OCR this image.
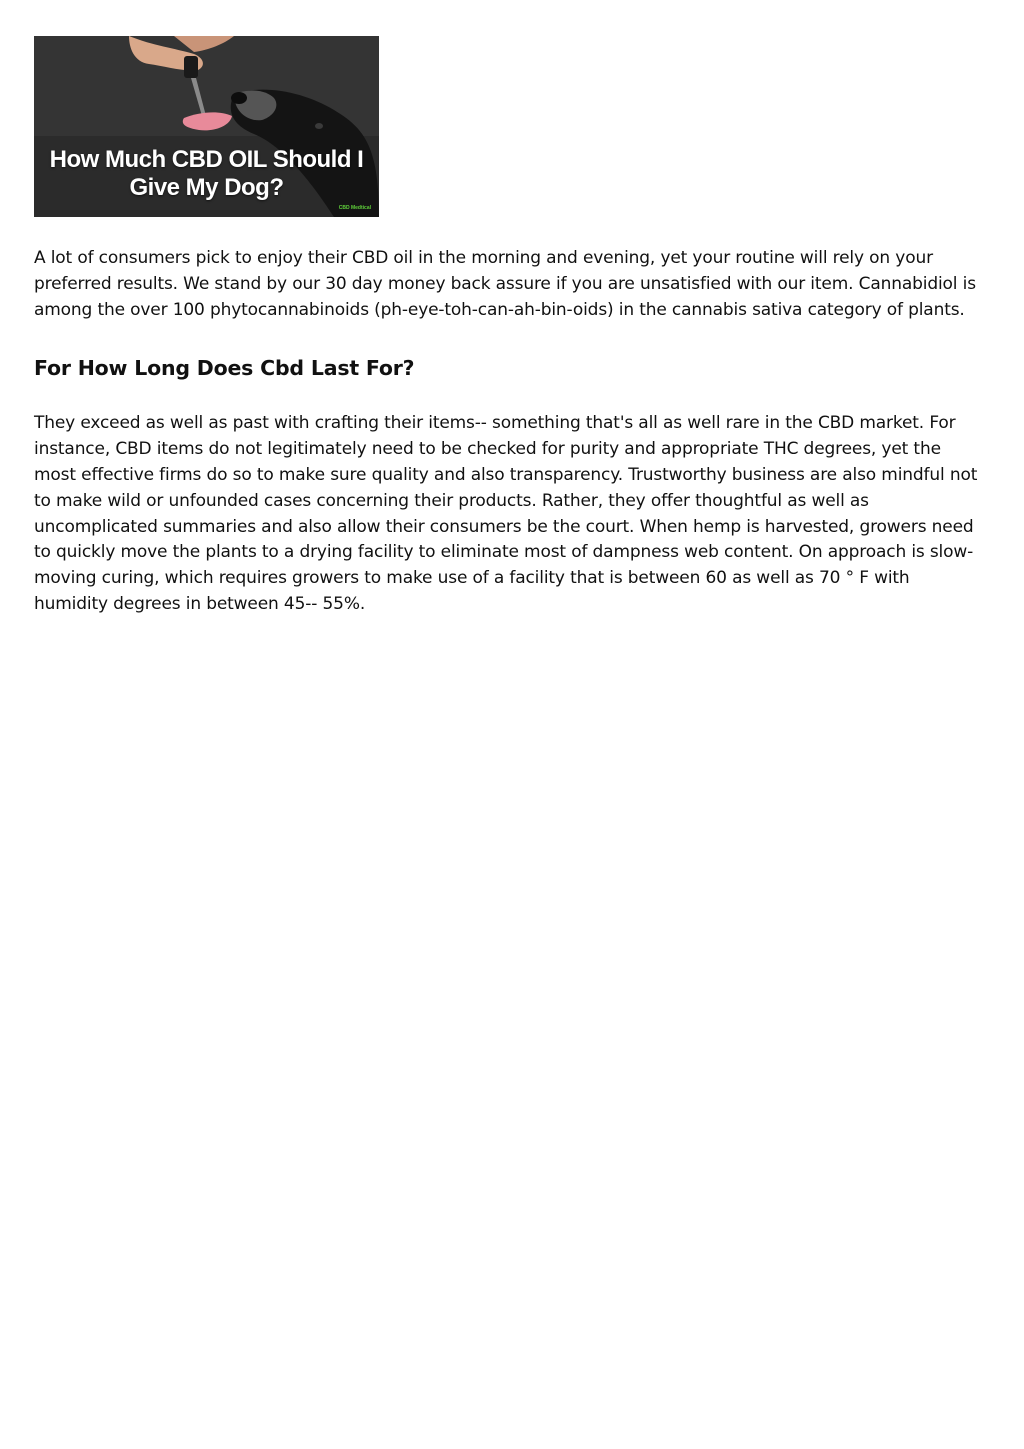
How Much CBD OIL Should I
Give My Dog?
CBD Medtical

A lot of consumers pick to enjoy their CBD oil in the morning and evening, yet your routine will rely on your preferred results. We stand by our 30 day money back assure if you are unsatisfied with our item. Cannabidiol is among the over 100 phytocannabinoids (ph-eye-toh-can-ah-bin-oids) in the cannabis sativa category of plants.

For How Long Does Cbd Last For?

They exceed as well as past with crafting their items-- something that's all as well rare in the CBD market. For instance, CBD items do not legitimately need to be checked for purity and appropriate THC degrees, yet the most effective firms do so to make sure quality and also transparency. Trustworthy business are also mindful not to make wild or unfounded cases concerning their products. Rather, they offer thoughtful as well as uncomplicated summaries and also allow their consumers be the court. When hemp is harvested, growers need to quickly move the plants to a drying facility to eliminate most of dampness web content. On approach is slow-moving curing, which requires growers to make use of a facility that is between 60 as well as 70 ° F with humidity degrees in between 45-- 55%.
